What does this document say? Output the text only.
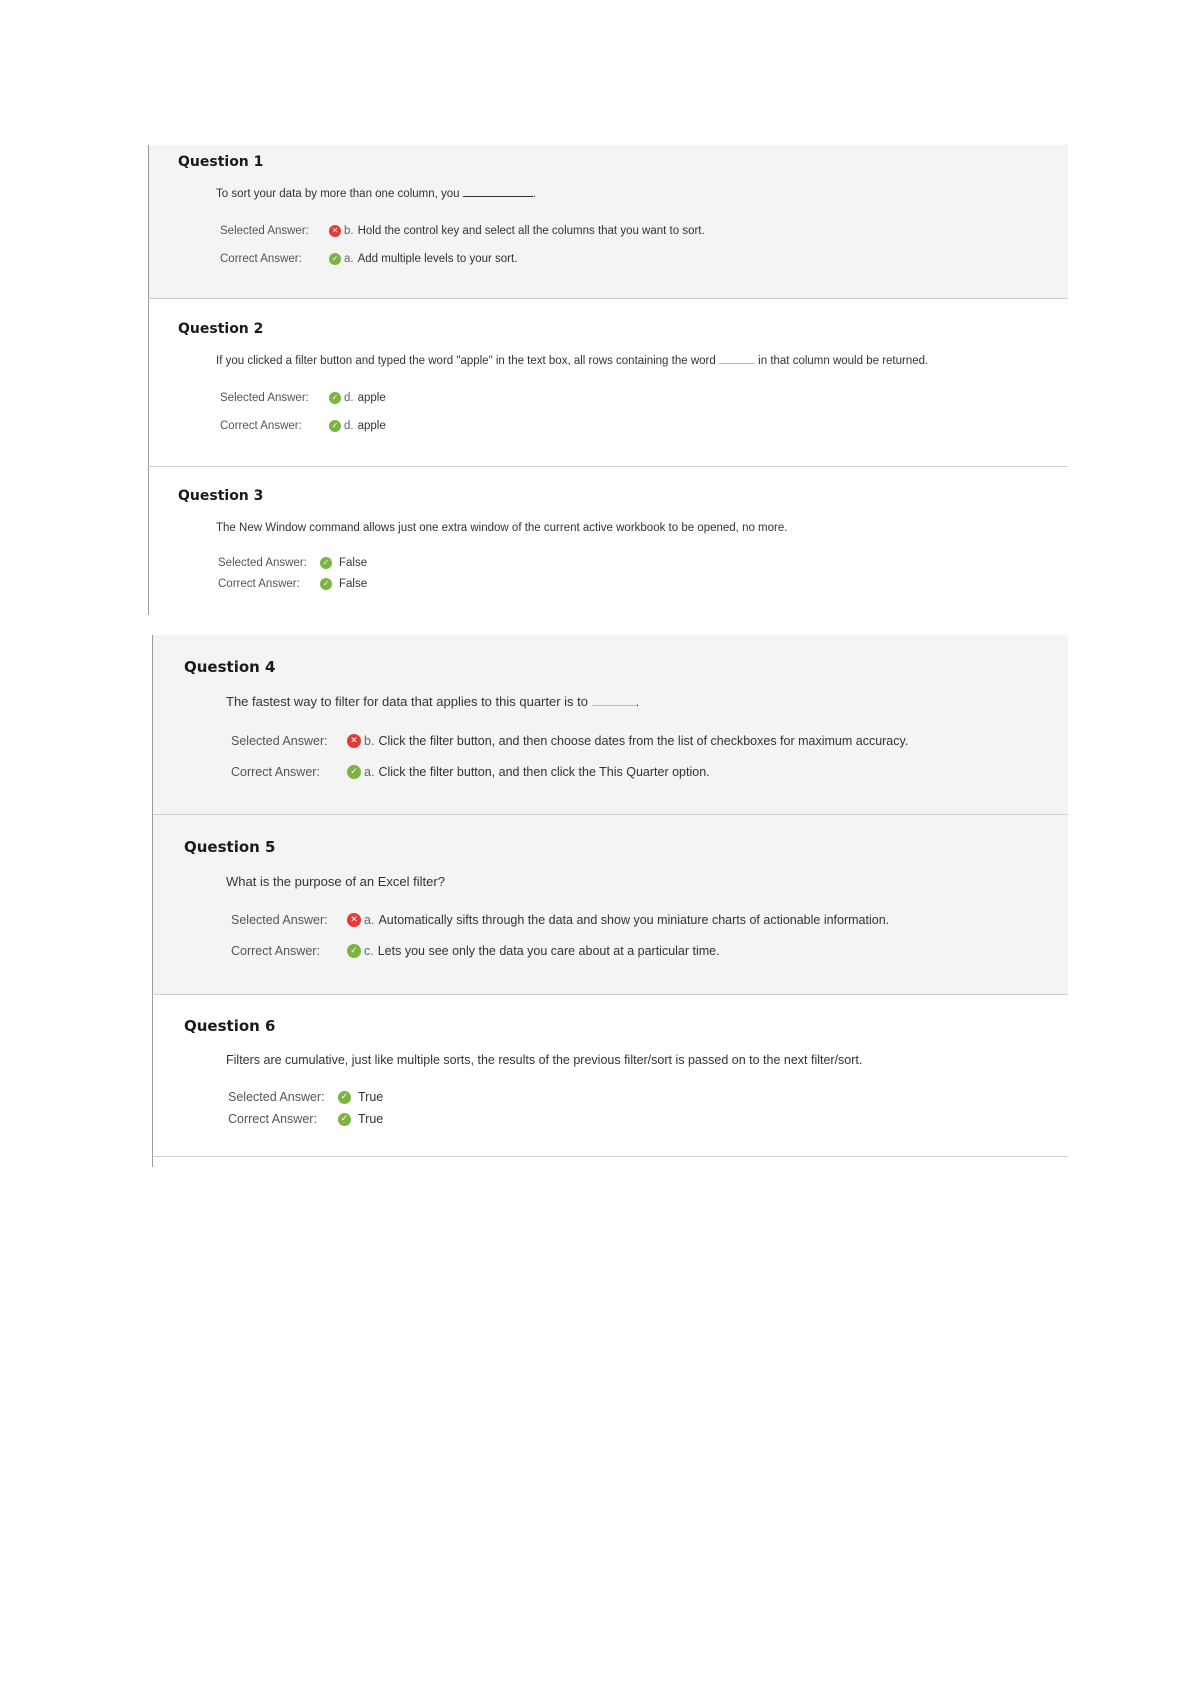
Question 1
To sort your data by more than one column, you	.
Selected Answer:	✕ b. Hold the control key and select all the columns that you want to sort.
Correct Answer:	✓ a. Add multiple levels to your sort.
Question 2
If you clicked a filter button and typed the word "apple" in the text box, all rows containing the word	in that column would be returned.
Selected Answer:	✓ d. apple
Correct Answer:	✓ d. apple
Question 3
The New Window command allows just one extra window of the current active workbook to be opened, no more.
Selected Answer:	✓ False
Correct Answer:	✓ False
Question 4
The fastest way to filter for data that applies to this quarter is to	.
Selected Answer:	✕ b. Click the filter button, and then choose dates from the list of checkboxes for maximum accuracy.
Correct Answer:	✓ a. Click the filter button, and then click the This Quarter option.
Question 5
What is the purpose of an Excel filter?
Selected Answer:	✕ a. Automatically sifts through the data and show you miniature charts of actionable information.
Correct Answer:	✓ c. Lets you see only the data you care about at a particular time.
Question 6
Filters are cumulative, just like multiple sorts, the results of the previous filter/sort is passed on to the next filter/sort.
Selected Answer:	✓ True
Correct Answer:	✓ True
